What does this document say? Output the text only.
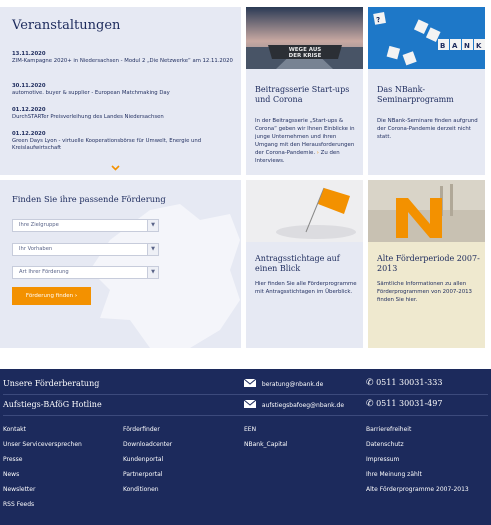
Veranstaltungen
13.11.2020
ZIM-Kampagne 2020+ in Niedersachsen - Modul 2 „Die Netzwerke“ am 12.11.2020
30.11.2020
automotive. buyer & supplier - European Matchmaking Day
01.12.2020
DurchSTARTer Preisverleihung des Landes Niedersachsen
01.12.2020
Green Days Lyon - virtuelle Kooperationsbörse für Umwelt, Energie und Kreislaufwirtschaft
WEGE AUS
DER KRISE
Beitragsserie Start-ups und Corona
In der Beitragsserie „Start-ups & Corona“ geben wir Ihnen Einblicke in junge Unternehmen und ihren Umgang mit den Herausforderungen der Corona-Pandemie. › Zu den Interviews.
?
B A N K
Das NBank-Seminarprogramm
Die NBank-Seminare finden aufgrund der Corona-Pandemie derzeit nicht statt.
Finden Sie ihre passende Förderung
Ihre Zielgruppe	▼
Ihr Vorhaben	▼
Art Ihrer Förderung	▼
Förderung finden ›
Antragsstichtage auf einen Blick
Hier finden Sie alle Förderprogramme mit Antragsstichtagen im Überblick.
Alte Förderperiode 2007-2013
Sämtliche Informationen zu allen Förderprogrammen von 2007-2013 finden Sie hier.
Unsere Förderberatung	beratung@nbank.de	✆ 0511 30031-333
Aufstiegs-BAföG Hotline	aufstiegsbafoeg@nbank.de ✆ 0511 30031-497
Kontakt
Unser Serviceversprechen
Presse
News
Newsletter
RSS Feeds
Förderfinder
Downloadcenter
Kundenportal
Partnerportal
Konditionen
EEN
NBank_Capital
Barrierefreiheit
Datenschutz
Impressum
Ihre Meinung zählt
Alte Förderprogramme 2007-2013
